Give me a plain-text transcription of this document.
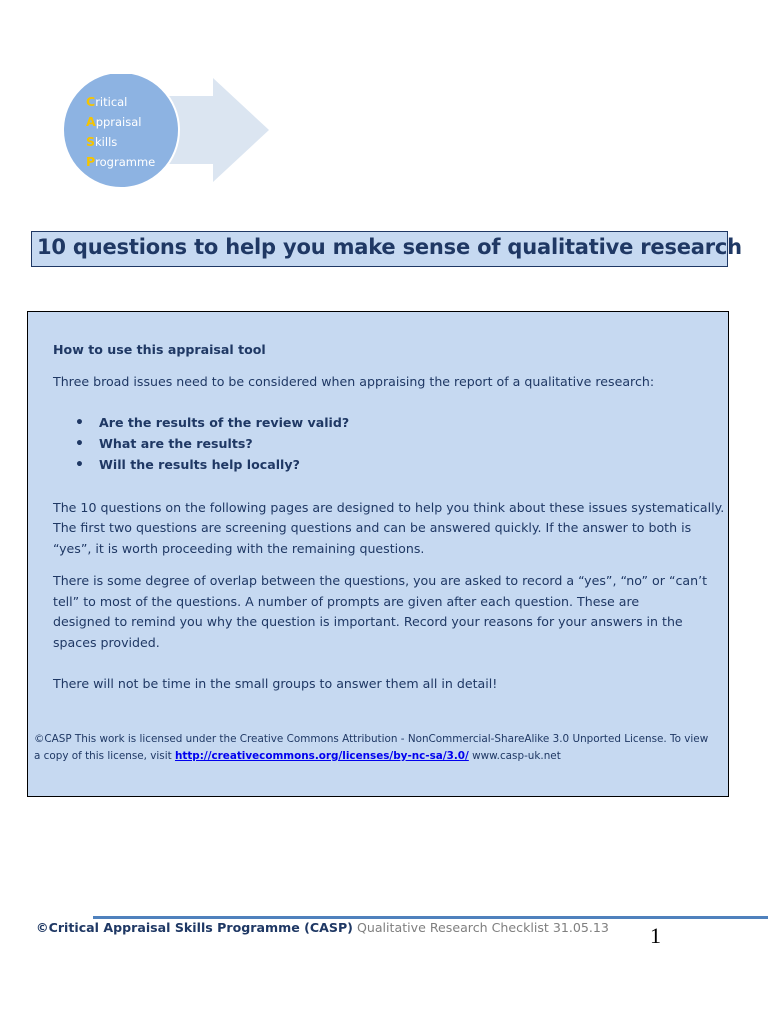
Critical
Appraisal
Skills
Programme
10 questions to help you make sense of qualitative research
How to use this appraisal tool
Three broad issues need to be considered when appraising the report of a qualitative research:
• Are the results of the review valid?
• What are the results?
• Will the results help locally?
The 10 questions on the following pages are designed to help you think about these issues systematically.
The first two questions are screening questions and can be answered quickly. If the answer to both is
“yes”, it is worth proceeding with the remaining questions.
There is some degree of overlap between the questions, you are asked to record a “yes”, “no” or “can’t
tell” to most of the questions. A number of prompts are given after each question. These are
designed to remind you why the question is important. Record your reasons for your answers in the
spaces provided.
There will not be time in the small groups to answer them all in detail!
©CASP This work is licensed under the Creative Commons Attribution - NonCommercial-ShareAlike 3.0 Unported License. To view
a copy of this license, visit http://creativecommons.org/licenses/by-nc-sa/3.0/ www.casp-uk.net
©Critical Appraisal Skills Programme (CASP) Qualitative Research Checklist 31.05.13 1
